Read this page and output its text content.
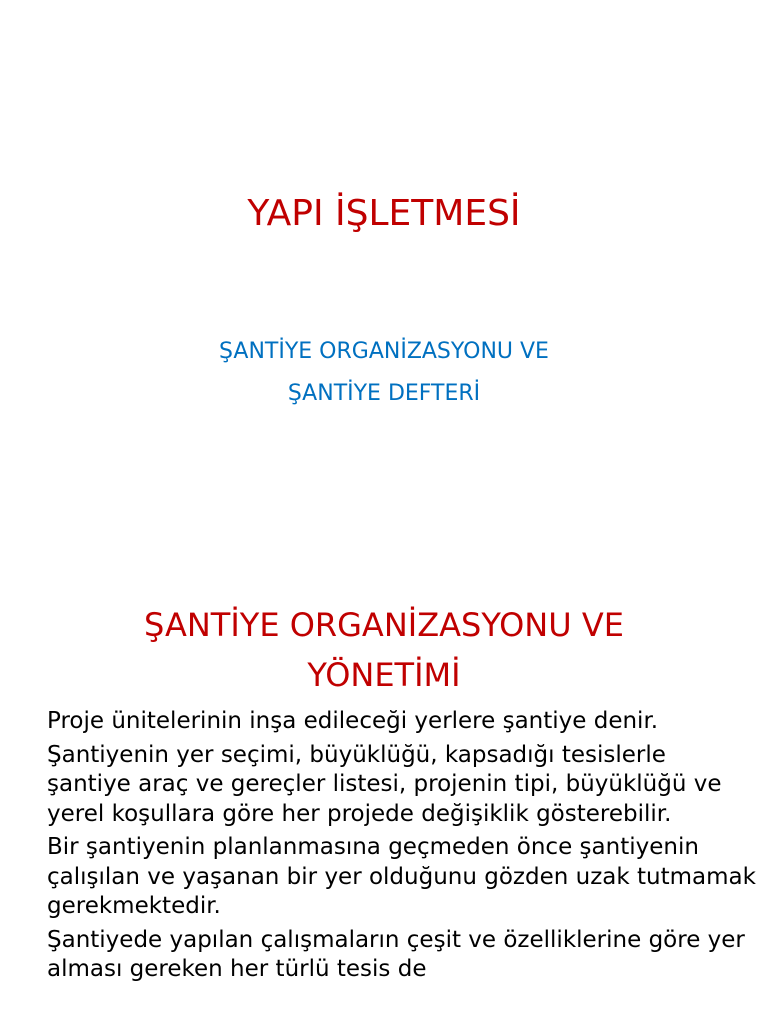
YAPI İŞLETMESİ
ŞANTİYE ORGANİZASYONU VE
ŞANTİYE DEFTERİ
ŞANTİYE ORGANİZASYONU VE
YÖNETİMİ

Proje ünitelerinin inşa edileceği yerlere şantiye denir.

Şantiyenin yer seçimi, büyüklüğü, kapsadığı tesislerle şantiye araç ve gereçler listesi, projenin tipi, büyüklüğü ve yerel koşullara göre her projede değişiklik gösterebilir.

Bir şantiyenin planlanmasına geçmeden önce şantiyenin çalışılan ve yaşanan bir yer olduğunu gözden uzak tutmamak gerekmektedir.

Şantiyede yapılan çalışmaların çeşit ve özelliklerine göre yer alması gereken her türlü tesis de
